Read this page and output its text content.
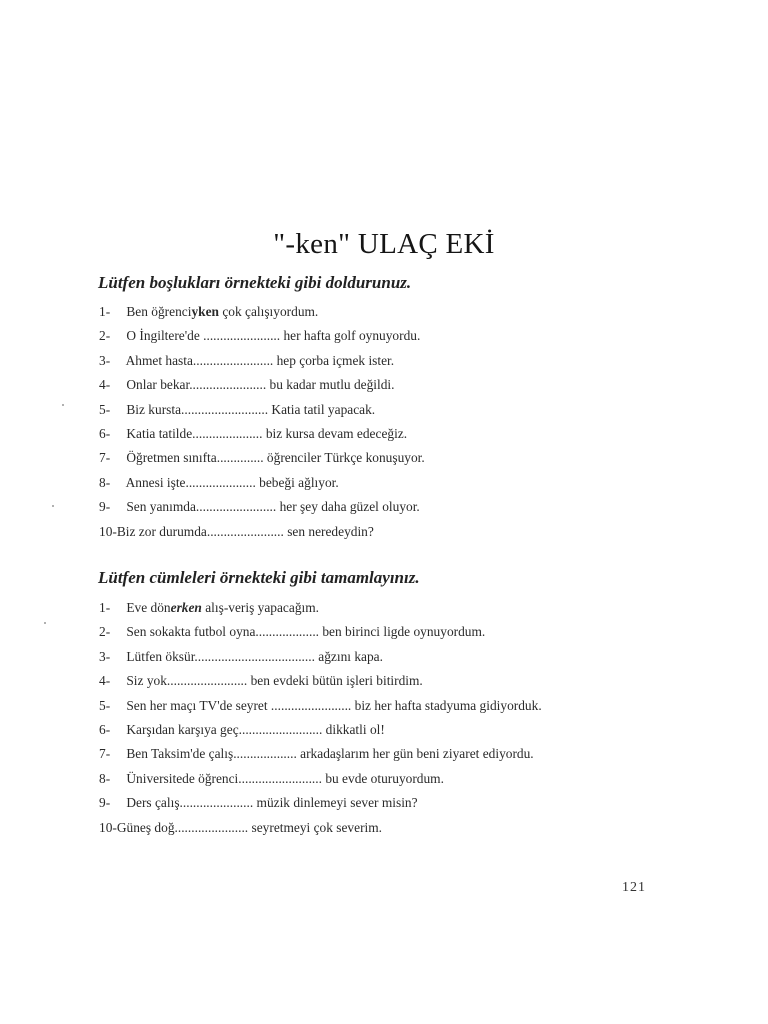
"-ken" ULAÇ EKİ
Lütfen boşlukları örnekteki gibi doldurunuz.
1- Ben öğrenciyken çok çalışıyordum.
2- O İngiltere'de ....................... her hafta golf oynuyordu.
3- Ahmet hasta........................ hep çorba içmek ister.
4- Onlar bekar....................... bu kadar mutlu değildi.
5- Biz kursta.......................... Katia tatil yapacak.
6- Katia tatilde..................... biz kursa devam edeceğiz.
7- Öğretmen sınıfta.............. öğrenciler Türkçe konuşuyor.
8- Annesi işte..................... bebeği ağlıyor.
9- Sen yanımda........................ her şey daha güzel oluyor.
10-Biz zor durumda....................... sen neredeydin?
Lütfen cümleleri örnekteki gibi tamamlayınız.
1- Eve dönerken alış-veriş yapacağım.
2- Sen sokakta futbol oyna................... ben birinci ligde oynuyordum.
3- Lütfen öksür.................................... ağzını kapa.
4- Siz yok........................ ben evdeki bütün işleri bitirdim.
5- Sen her maçı TV'de seyret ........................ biz her hafta stadyuma gidiyorduk.
6- Karşıdan karşıya geç......................... dikkatli ol!
7- Ben Taksim'de çalış................... arkadaşlarım her gün beni ziyaret ediyordu.
8- Üniversitede öğrenci......................... bu evde oturuyordum.
9- Ders çalış...................... müzik dinlemeyi sever misin?
10-Güneş doğ...................... seyretmeyi çok severim.
121
